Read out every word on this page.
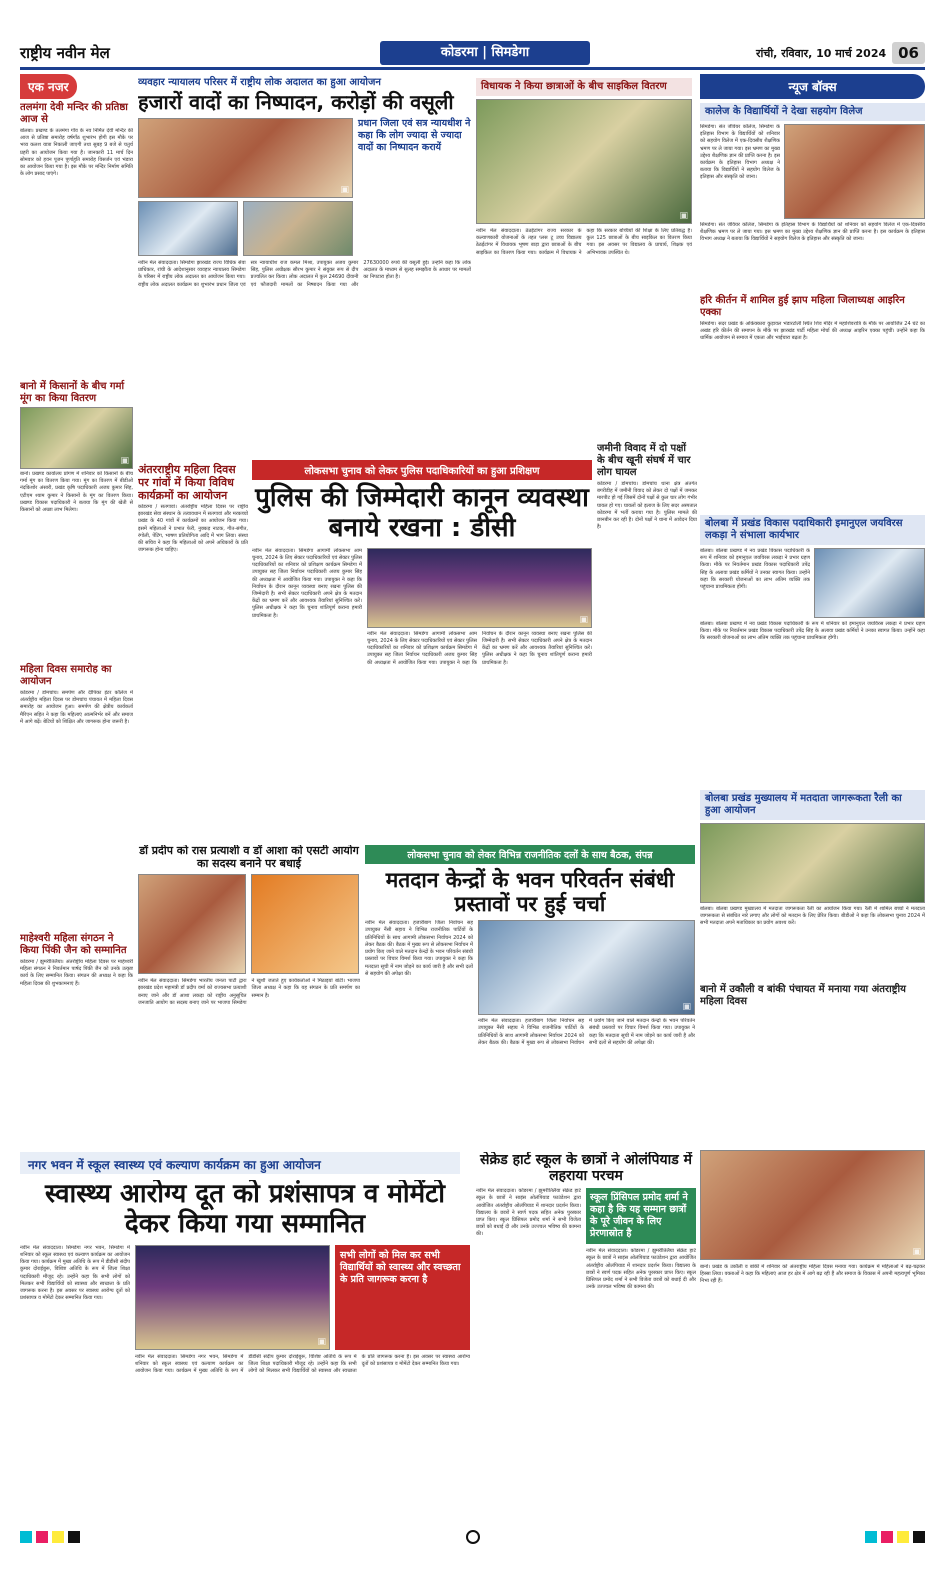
राष्ट्रीय नवीन मेल	कोडरमा | सिमडेगा	रांची, रविवार, 10 मार्च 2024 06
एक नजर
तलमंगा देवी मन्दिर की प्रतिष्ठा आज से
बोलबा। प्रखण्ड के तलमंगा गाँव के नव निर्मित देवी मन्दिर की आज से प्रतिष्ठा समारोह वर्षगाँठ शुभारंभ होगी इस मौके पर भव्य कलश यात्रा निकाली जाएगी तथा सुबह 9 बजे से चतुर्थ प्रहरी का आयोजन किया गया है। जानकारी 11 मार्च दिन सोमवार को हवन पूजन पूर्णाहुति समारोह विसर्जन एवं भंडारा का आयोजन किया गया है। इस मौके पर मन्दिर निर्माण समिति के लोग प्रसाद पाएंगे।
बानो में किसानों के बीच गर्मा मूंग का किया वितरण
▣
बानो। प्रखण्ड कार्यालय प्रांगण में शनिवार को किसानों के बीच गर्मा मूंग का वितरण किया गया। मूंग का वितरण में बीडीओ नंदकिशोर अंसारी, प्रखंड कृषि पदाधिकारी अजय कुमार सिंह, एटीएम श्याम कुमार ने किसानों के मूंग का वितरण किया। प्रखण्ड विकास पदाधिकारी ने बताया कि मूंग की खेती से किसानों को अच्छा लाभ मिलेगा।
महिला दिवस समारोह का आयोजन
कोडरमा / डोमचांच। समर्पण और दीपिका इंटर कॉलेज में अंतर्राष्ट्रीय महिला दिवस पर डोमचांच पंचायत में महिला दिवस समारोह का आयोजन हुआ। समर्पण की क्षेत्रीय कार्यकर्ता मैरिएन सहित ने कहा कि महिलाएं आत्मनिर्भर बनें और समाज में आगे बढ़ें। बेटियों को शिक्षित और जागरूक होना जरूरी है।
माहेश्वरी महिला संगठन ने किया पिंकी जैन को सम्मानित
कोडरमा / झुमरीतिलैया। अंतर्राष्ट्रीय महिला दिवस पर माहेश्वरी महिला संगठन ने निवर्तमान पार्षद पिंकी जैन को उनके उत्कृष्ट कार्य के लिए सम्मानित किया। संगठन की अध्यक्ष ने कहा कि महिला दिवस की शुभकामनाएं हैं।
व्यवहार न्यायालय परिसर में राष्ट्रीय लोक अदालत का हुआ आयोजन
हजारों वादों का निष्पादन, करोड़ों की वसूली
▣
प्रधान जिला एवं सत्र न्यायधीश ने कहा कि लोग ज्यादा से ज्यादा वादों का निष्पादन करायें
नवीन मेल संवाददाता। सिमडेगा झारखंड राज्य विधिक सेवा प्राधिकार, रांची के आदेशानुसार व्यवहार न्यायालय सिमडेगा के परिसर में राष्ट्रीय लोक अदालत का आयोजन किया गया। राष्ट्रीय लोक अदालत कार्यक्रम का शुभारंभ प्रधान जिला एवं सत्र न्यायाधीश राज कमल मिश्रा, उपायुक्त अजय कुमार सिंह, पुलिस अधीक्षक सौरभ कुमार ने संयुक्त रूप से दीप प्रज्वलित कर किया। लोक अदालत में कुल 24690 दीवानी एवं फौजदारी मामलों का निष्पादन किया गया और 27630000 रुपये की वसूली हुई। उन्होंने कहा कि लोक अदालत के माध्यम से सुलह समझौता के आधार पर मामलों का निपटारा होता है।
विधायक ने किया छात्राओं के बीच साइकिल वितरण
▣
नवीन मेल संवाददाता। ठेठईटांगर राज्य सरकार के कल्याणकारी योजनाओं के तहत प्लस टू उच्च विद्यालय ठेठईटांगर में विधायक भूषण बाड़ा द्वारा छात्राओं के बीच साइकिल का वितरण किया गया। कार्यक्रम में विधायक ने कहा कि सरकार बच्चियों की शिक्षा के लिए प्रतिबद्ध है। कुल 125 छात्राओं के बीच साइकिल का वितरण किया गया। इस अवसर पर विद्यालय के प्राचार्य, शिक्षक एवं अभिभावक उपस्थित थे।
न्यूज बॉक्स
कालेज के विद्यार्थियों ने देखा सहयोग विलेज
सिमडेगा। संत जेवियर कॉलेज, सिमडेगा के इतिहास विभाग के विद्यार्थियों को शनिवार को सहयोग विलेज में एक-दिवसीय शैक्षणिक भ्रमण पर ले जाया गया। इस भ्रमण का मुख्य उद्देश्य शैक्षणिक ज्ञान की प्राप्ति करना है। इस कार्यक्रम के इतिहास विभाग अध्यक्ष ने बताया कि विद्यार्थियों ने सहयोग विलेज के इतिहास और संस्कृति को जाना।
सिमडेगा। संत जेवियर कॉलेज, सिमडेगा के इतिहास विभाग के विद्यार्थियों को शनिवार को सहयोग विलेज में एक-दिवसीय शैक्षणिक भ्रमण पर ले जाया गया। इस भ्रमण का मुख्य उद्देश्य शैक्षणिक ज्ञान की प्राप्ति करना है। इस कार्यक्रम के इतिहास विभाग अध्यक्ष ने बताया कि विद्यार्थियों ने सहयोग विलेज के इतिहास और संस्कृति को जाना।
हरि कीर्तन में शामिल हुई झाप महिला जिलाध्यक्ष आइरिन एक्का
सिमडेगा। सदर प्रखंड के ओकेक्कारा कुड़ावल भंडारटोली स्थित शिव मंदिर में महाशिवरात्रि के मौके पर आयोजित 24 घंटे का अखंड हरि कीर्तन की समापन के मौके पर झारखंड पार्टी महिला मोर्चा की अध्यक्ष आइरिन एक्का पहुंचीं। उन्होंने कहा कि धार्मिक आयोजन से समाज में एकता और भाईचारा बढ़ता है।
बोलबा में प्रखंड विकास पदाधिकारी इमानुएल जयविरस लकड़ा ने संभाला कार्यभार
बोलबा। बोलबा प्रखण्ड में नव प्रखंड विकास पदाधिकारी के रूप में शनिवार को इमानुएल जयविरस लकड़ा ने प्रभार ग्रहण किया। मौके पर निवर्तमान प्रखंड विकास पदाधिकारी उपेंद्र सिंह के अलावा प्रखंड कर्मियों ने उनका स्वागत किया। उन्होंने कहा कि सरकारी योजनाओं का लाभ अंतिम व्यक्ति तक पहुंचाना प्राथमिकता होगी।
बोलबा। बोलबा प्रखण्ड में नव प्रखंड विकास पदाधिकारी के रूप में शनिवार को इमानुएल जयविरस लकड़ा ने प्रभार ग्रहण किया। मौके पर निवर्तमान प्रखंड विकास पदाधिकारी उपेंद्र सिंह के अलावा प्रखंड कर्मियों ने उनका स्वागत किया। उन्होंने कहा कि सरकारी योजनाओं का लाभ अंतिम व्यक्ति तक पहुंचाना प्राथमिकता होगी।
बोलबा प्रखंड मुख्यालय में मतदाता जागरूकता रैली का हुआ आयोजन
बोलबा। बोलबा प्रखण्ड मुख्यालय में मतदाता जागरूकता रैली का आयोजन किया गया। रैली में शामिल बच्चों ने मतदाता जागरूकता से संबंधित नारे लगाए और लोगों को मतदान के लिए प्रेरित किया। बीडीओ ने कहा कि लोकसभा चुनाव 2024 में सभी मतदाता अपने मताधिकार का प्रयोग अवश्य करें।
बानो में उकौली व बांकी पंचायत में मनाया गया अंतराष्ट्रीय महिला दिवस
अंतरराष्ट्रीय महिला दिवस पर गांवों में किया विविध कार्यक्रमों का आयोजन
कोडरमा / सतगावां। अंतर्राष्ट्रीय महिला दिवस पर राष्ट्रीय झारखंड सेवा संस्थान के तत्वावधान में सतगावां और मरकच्चो प्रखंड के 40 गांवों में कार्यक्रमों का आयोजन किया गया। इसमें महिलाओं ने प्रभात फेरी, नुक्कड़ नाटक, गीत-संगीत, रंगोली, पेंटिंग, भाषण प्रतियोगिता आदि में भाग लिया। संस्था की सचिव ने कहा कि महिलाओं को अपने अधिकारों के प्रति जागरूक होना चाहिए।
लोकसभा चुनाव को लेकर पुलिस पदाधिकारियों का हुआ प्रशिक्षण
पुलिस की जिम्मेदारी कानून व्यवस्था बनाये रखना : डीसी
नवीन मेल संवाददाता। सिमडेगा आगामी लोकसभा आम चुनाव, 2024 के लिए सेक्टर पदाधिकारियों एवं सेक्टर पुलिस पदाधिकारियों का शनिवार को प्रशिक्षण कार्यक्रम सिमडेगा में उपायुक्त सह जिला निर्वाचन पदाधिकारी अजय कुमार सिंह की अध्यक्षता में आयोजित किया गया। उपायुक्त ने कहा कि निर्वाचन के दौरान कानून व्यवस्था बनाए रखना पुलिस की जिम्मेदारी है। सभी सेक्टर पदाधिकारी अपने क्षेत्र के मतदान केंद्रों का भ्रमण करें और आवश्यक तैयारियां सुनिश्चित करें। पुलिस अधीक्षक ने कहा कि चुनाव शांतिपूर्ण कराना हमारी प्राथमिकता है।	▣
नवीन मेल संवाददाता। सिमडेगा आगामी लोकसभा आम चुनाव, 2024 के लिए सेक्टर पदाधिकारियों एवं सेक्टर पुलिस पदाधिकारियों का शनिवार को प्रशिक्षण कार्यक्रम सिमडेगा में उपायुक्त सह जिला निर्वाचन पदाधिकारी अजय कुमार सिंह की अध्यक्षता में आयोजित किया गया। उपायुक्त ने कहा कि निर्वाचन के दौरान कानून व्यवस्था बनाए रखना पुलिस की जिम्मेदारी है। सभी सेक्टर पदाधिकारी अपने क्षेत्र के मतदान केंद्रों का भ्रमण करें और आवश्यक तैयारियां सुनिश्चित करें। पुलिस अधीक्षक ने कहा कि चुनाव शांतिपूर्ण कराना हमारी प्राथमिकता है।
जमीनी विवाद में दो पक्षों के बीच खूनी संघर्ष में चार लोग घायल
कोडरमा / डोमचांच। डोमचांच थाना क्षेत्र अंतर्गत बगरीडीह में जमीनी विवाद को लेकर दो पक्षों में जमकर मारपीट हो गई जिसमें दोनों पक्षों से कुल चार लोग गंभीर घायल हो गए। घायलों को इलाज के लिए सदर अस्पताल कोडरमा में भर्ती कराया गया है। पुलिस मामले की छानबीन कर रही है। दोनों पक्षों ने थाना में आवेदन दिया है।
डॉ प्रदीप को रास प्रत्याशी व डॉ आशा को एसटी आयोग का सदस्य बनाने पर बधाई
नवीन मेल संवाददाता। सिमडेगा भारतीय जनता पार्टी द्वारा झारखंड प्रदेश महामंत्री डॉ प्रदीप वर्मा को राज्यसभा प्रत्याशी बनाए जाने और डॉ आशा लकड़ा को राष्ट्रीय अनुसूचित जनजाति आयोग का सदस्य बनाए जाने पर भाजपा सिमडेगा ने खुशी जताते हुए कार्यकर्ताओं ने मिठाइयां बांटी। भाजपा जिला अध्यक्ष ने कहा कि यह संगठन के प्रति समर्पण का सम्मान है।
लोकसभा चुनाव को लेकर विभिन्न राजनीतिक दलों के साथ बैठक, संपन्न
मतदान केन्द्रों के भवन परिवर्तन संबंधी प्रस्तावों पर हुई चर्चा
नवीन मेल संवाददाता। हजारीबाग जिला निर्वाचन सह उपायुक्त नैंसी सहाय ने विभिन्न राजनीतिक पार्टियों के प्रतिनिधियों के साथ आगामी लोकसभा निर्वाचन 2024 को लेकर बैठक की। बैठक में मुख्य रूप से लोकसभा निर्वाचन में प्रयोग किए जाने वाले मतदान केन्द्रों के भवन परिवर्तन संबंधी प्रस्तावों पर विचार विमर्श किया गया। उपायुक्त ने कहा कि मतदाता सूची में नाम जोड़ने का कार्य जारी है और सभी दलों से सहयोग की अपेक्षा की।
▣
नवीन मेल संवाददाता। हजारीबाग जिला निर्वाचन सह उपायुक्त नैंसी सहाय ने विभिन्न राजनीतिक पार्टियों के प्रतिनिधियों के साथ आगामी लोकसभा निर्वाचन 2024 को लेकर बैठक की। बैठक में मुख्य रूप से लोकसभा निर्वाचन में प्रयोग किए जाने वाले मतदान केन्द्रों के भवन परिवर्तन संबंधी प्रस्तावों पर विचार विमर्श किया गया। उपायुक्त ने कहा कि मतदाता सूची में नाम जोड़ने का कार्य जारी है और सभी दलों से सहयोग की अपेक्षा की।
नगर भवन में स्कूल स्वास्थ्य एवं कल्याण कार्यक्रम का हुआ आयोजन
स्वास्थ्य आरोग्य दूत को प्रशंसापत्र व मोमेंटो देकर किया गया सम्मानित
नवीन मेल संवाददाता। सिमडेगा नगर भवन, सिमडेगा में शनिवार को स्कूल स्वास्थ्य एवं कल्याण कार्यक्रम का आयोजन किया गया। कार्यक्रम में मुख्य अतिथि के रूप में डीडीसी संदीप कुमार दोराईबुरू, विशिष्ट अतिथि के रूप में जिला शिक्षा पदाधिकारी मौजूद रहे। उन्होंने कहा कि सभी लोगों को मिलकर सभी विद्यार्थियों को स्वास्थ्य और स्वच्छता के प्रति जागरूक करना है। इस अवसर पर स्वास्थ्य आरोग्य दूतों को प्रशंसापत्र व मोमेंटो देकर सम्मानित किया गया।
▣
सभी लोगों को मिल कर सभी विद्यार्थियों को स्वास्थ्य और स्वच्छता के प्रति जागरूक करना है
नवीन मेल संवाददाता। सिमडेगा नगर भवन, सिमडेगा में शनिवार को स्कूल स्वास्थ्य एवं कल्याण कार्यक्रम का आयोजन किया गया। कार्यक्रम में मुख्य अतिथि के रूप में डीडीसी संदीप कुमार दोराईबुरू, विशिष्ट अतिथि के रूप में जिला शिक्षा पदाधिकारी मौजूद रहे। उन्होंने कहा कि सभी लोगों को मिलकर सभी विद्यार्थियों को स्वास्थ्य और स्वच्छता के प्रति जागरूक करना है। इस अवसर पर स्वास्थ्य आरोग्य दूतों को प्रशंसापत्र व मोमेंटो देकर सम्मानित किया गया।
सेक्रेड हार्ट स्कूल के छात्रों ने ओलंपियाड में लहराया परचम
नवीन मेल संवाददाता। कोडरमा / झुमरीतिलैया सेक्रेड हार्ट स्कूल के छात्रों ने साइंस ओलंपियाड फाउंडेशन द्वारा आयोजित अंतर्राष्ट्रीय ओलंपियाड में शानदार प्रदर्शन किया। विद्यालय के छात्रों ने स्वर्ण पदक सहित अनेक पुरस्कार प्राप्त किए। स्कूल प्रिंसिपल प्रमोद शर्मा ने सभी विजेता छात्रों को बधाई दी और उनके उज्ज्वल भविष्य की कामना की।
स्कूल प्रिंसिपल प्रमोद शर्मा ने कहा है कि यह सम्मान छात्रों के पूरे जीवन के लिए प्रेरणास्रोत है
नवीन मेल संवाददाता। कोडरमा / झुमरीतिलैया सेक्रेड हार्ट स्कूल के छात्रों ने साइंस ओलंपियाड फाउंडेशन द्वारा आयोजित अंतर्राष्ट्रीय ओलंपियाड में शानदार प्रदर्शन किया। विद्यालय के छात्रों ने स्वर्ण पदक सहित अनेक पुरस्कार प्राप्त किए। स्कूल प्रिंसिपल प्रमोद शर्मा ने सभी विजेता छात्रों को बधाई दी और उनके उज्ज्वल भविष्य की कामना की।
▣
बानो। प्रखंड के उकौली व बांकी में शनिवार को अंतराष्ट्रीय महिला दिवस मनाया गया। कार्यक्रम में महिलाओं ने बढ़-चढ़कर हिस्सा लिया। वक्ताओं ने कहा कि महिलाएं आज हर क्षेत्र में आगे बढ़ रही हैं और समाज के विकास में अपनी महत्वपूर्ण भूमिका निभा रही हैं।
